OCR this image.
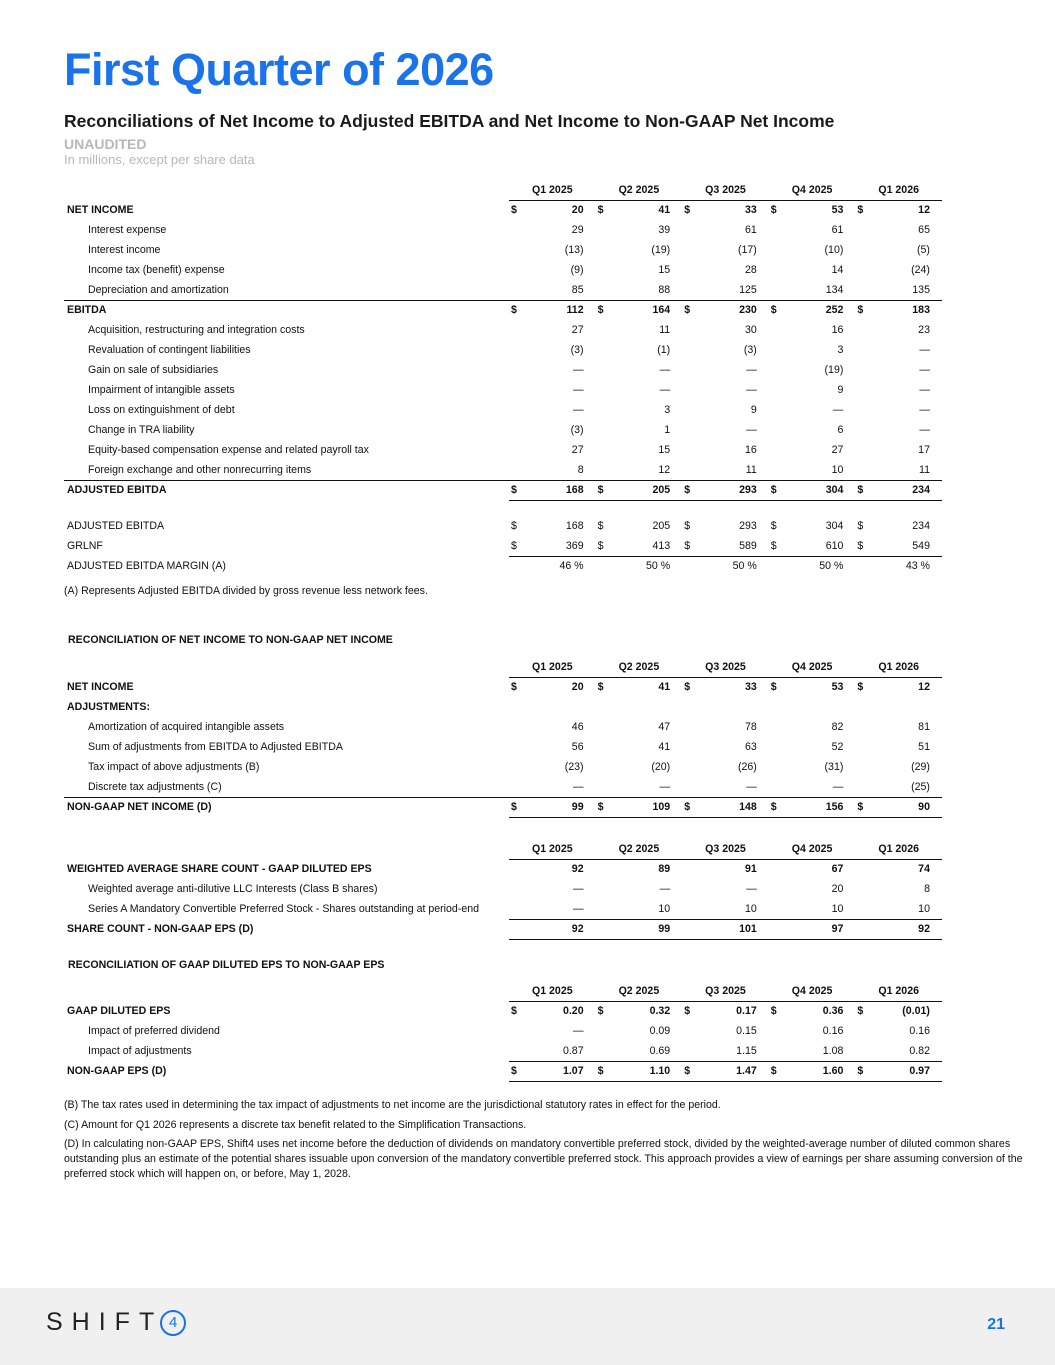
First Quarter of 2026
Reconciliations of Net Income to Adjusted EBITDA and Net Income to Non-GAAP Net Income
UNAUDITED
In millions, except per share data
	Q1 2025		Q2 2025		Q3 2025		Q4 2025		Q1 2026	
NET INCOME	$	20	$	41	$	33	$	53	$	12
Interest expense		29		39		61		61		65
Interest income		(13)		(19)		(17)		(10)		(5)
Income tax (benefit) expense		(9)		15		28		14		(24)
Depreciation and amortization		85		88		125		134		135
EBITDA	$	112	$	164	$	230	$	252	$	183
Acquisition, restructuring and integration costs		27		11		30		16		23
Revaluation of contingent liabilities		(3)		(1)		(3)		3		—
Gain on sale of subsidiaries		—		—		—		(19)		—
Impairment of intangible assets		—		—		—		9		—
Loss on extinguishment of debt		—		3		9		—		—
Change in TRA liability		(3)		1		—		6		—
Equity-based compensation expense and related payroll tax		27		15		16		27		17
Foreign exchange and other nonrecurring items		8		12		11		10		11
ADJUSTED EBITDA	$	168	$	205	$	293	$	304	$	234
ADJUSTED EBITDA	$	168	$	205	$	293	$	304	$	234
GRLNF	$	369	$	413	$	589	$	610	$	549
ADJUSTED EBITDA MARGIN (A)		46 %		50 %		50 %		50 %		43 %
(A) Represents Adjusted EBITDA divided by gross revenue less network fees.
RECONCILIATION OF NET INCOME TO NON-GAAP NET INCOME
	Q1 2025		Q2 2025		Q3 2025		Q4 2025		Q1 2026	
NET INCOME	$	20	$	41	$	33	$	53	$	12
ADJUSTMENTS:										
Amortization of acquired intangible assets		46		47		78		82		81
Sum of adjustments from EBITDA to Adjusted EBITDA		56		41		63		52		51
Tax impact of above adjustments (B)		(23)		(20)		(26)		(31)		(29)
Discrete tax adjustments (C)		—		—		—		—		(25)
NON-GAAP NET INCOME (D)	$	99	$	109	$	148	$	156	$	90
	Q1 2025		Q2 2025		Q3 2025		Q4 2025		Q1 2026	
WEIGHTED AVERAGE SHARE COUNT - GAAP DILUTED EPS		92		89		91		67		74
Weighted average anti-dilutive LLC Interests (Class B shares)		—		—		—		20		8
Series A Mandatory Convertible Preferred Stock - Shares outstanding at period-end		—		10		10		10		10
SHARE COUNT - NON-GAAP EPS (D)		92		99		101		97		92
RECONCILIATION OF GAAP DILUTED EPS TO NON-GAAP EPS
	Q1 2025		Q2 2025		Q3 2025		Q4 2025		Q1 2026	
GAAP DILUTED EPS	$	0.20	$	0.32	$	0.17	$	0.36	$	(0.01)
Impact of preferred dividend		—		0.09		0.15		0.16		0.16
Impact of adjustments		0.87		0.69		1.15		1.08		0.82
NON-GAAP EPS (D)	$	1.07	$	1.10	$	1.47	$	1.60	$	0.97
(B) The tax rates used in determining the tax impact of adjustments to net income are the jurisdictional statutory rates in effect for the period.
(C) Amount for Q1 2026 represents a discrete tax benefit related to the Simplification Transactions.
(D) In calculating non-GAAP EPS, Shift4 uses net income before the deduction of dividends on mandatory convertible preferred stock, divided by the weighted-average number of diluted common shares outstanding plus an estimate of the potential shares issuable upon conversion of the mandatory convertible preferred stock. This approach provides a view of earnings per share assuming conversion of the preferred stock which will happen on, or before, May 1, 2028.
SHIFT 4	21
